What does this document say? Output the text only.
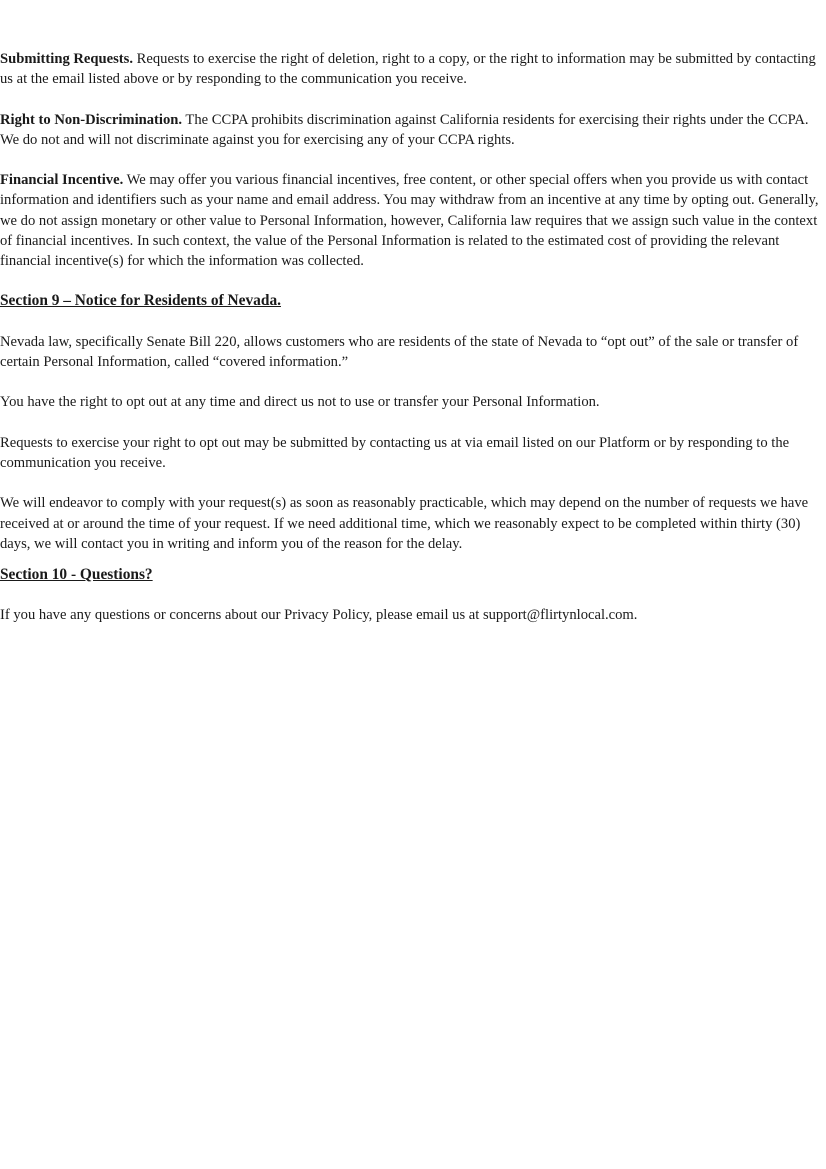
Submitting Requests. Requests to exercise the right of deletion, right to a copy, or the right to information may be submitted by contacting us at the email listed above or by responding to the communication you receive.

Right to Non-Discrimination. The CCPA prohibits discrimination against California residents for exercising their rights under the CCPA. We do not and will not discriminate against you for exercising any of your CCPA rights.

Financial Incentive. We may offer you various financial incentives, free content, or other special offers when you provide us with contact information and identifiers such as your name and email address. You may withdraw from an incentive at any time by opting out. Generally, we do not assign monetary or other value to Personal Information, however, California law requires that we assign such value in the context of financial incentives. In such context, the value of the Personal Information is related to the estimated cost of providing the relevant financial incentive(s) for which the information was collected.

Section 9 – Notice for Residents of Nevada.

Nevada law, specifically Senate Bill 220, allows customers who are residents of the state of Nevada to “opt out” of the sale or transfer of certain Personal Information, called “covered information.”

You have the right to opt out at any time and direct us not to use or transfer your Personal Information.

Requests to exercise your right to opt out may be submitted by contacting us at via email listed on our Platform or by responding to the communication you receive.

We will endeavor to comply with your request(s) as soon as reasonably practicable, which may depend on the number of requests we have received at or around the time of your request. If we need additional time, which we reasonably expect to be completed within thirty (30) days, we will contact you in writing and inform you of the reason for the delay.

Section 10 - Questions?

If you have any questions or concerns about our Privacy Policy, please email us at support@flirtynlocal.com.
